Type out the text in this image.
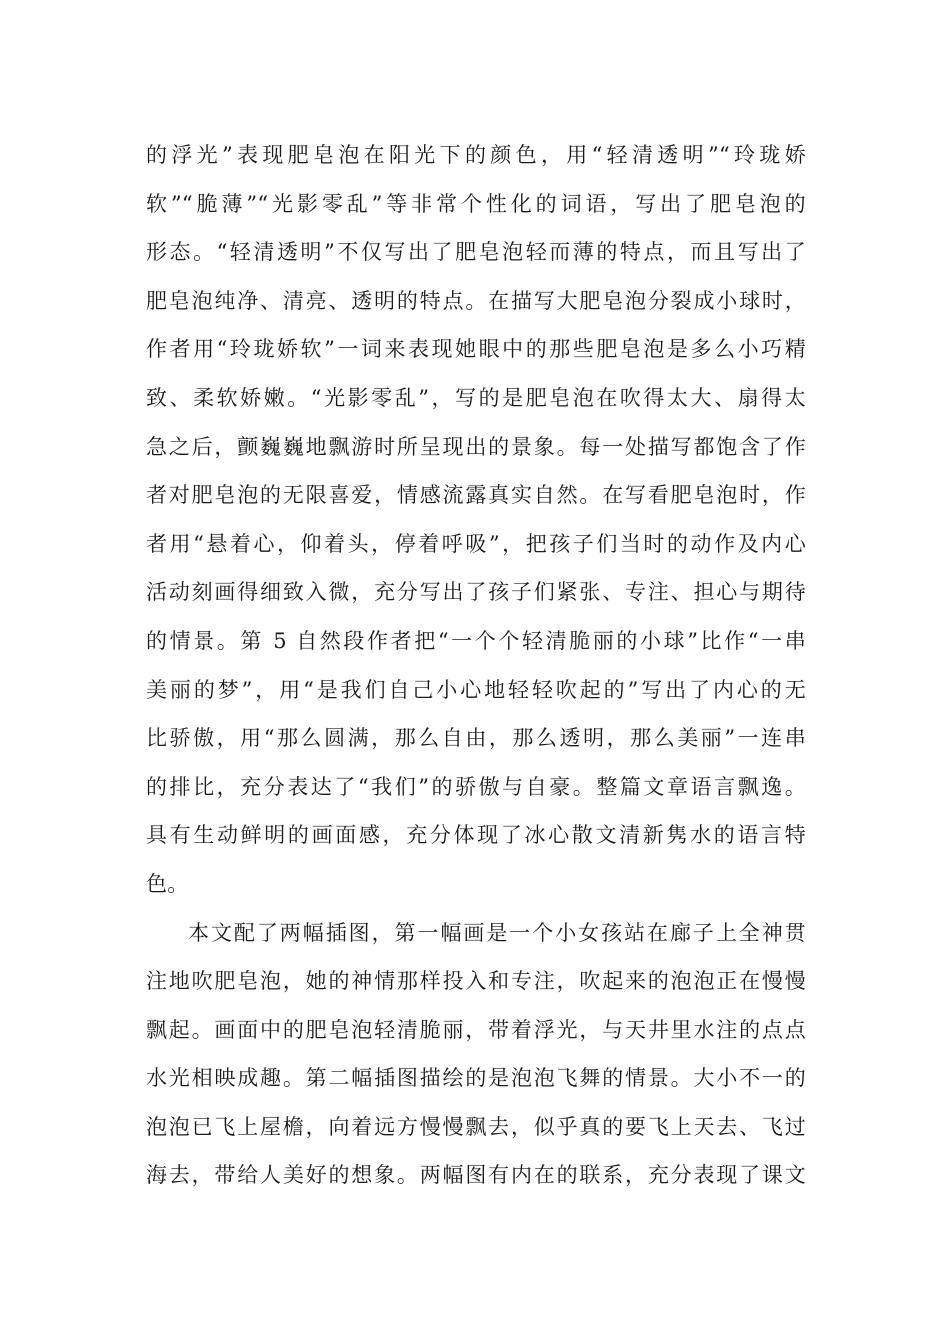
的浮光”表现肥皂泡在阳光下的颜色，用“轻清透明”“玲珑娇
软”“脆薄”“光影零乱”等非常个性化的词语，写出了肥皂泡的
形态。“轻清透明”不仅写出了肥皂泡轻而薄的特点，而且写出了
肥皂泡纯净、清亮、透明的特点。在描写大肥皂泡分裂成小球时，
作者用“玲珑娇软”一词来表现她眼中的那些肥皂泡是多么小巧精
致、柔软娇嫩。“光影零乱”，写的是肥皂泡在吹得太大、扇得太
急之后，颤巍巍地飘游时所呈现出的景象。每一处描写都饱含了作
者对肥皂泡的无限喜爱，情感流露真实自然。在写看肥皂泡时，作
者用“悬着心，仰着头，停着呼吸”，把孩子们当时的动作及内心
活动刻画得细致入微，充分写出了孩子们紧张、专注、担心与期待
的情景。第 5 自然段作者把“一个个轻清脆丽的小球”比作“一串
美丽的梦”，用“是我们自己小心地轻轻吹起的”写出了内心的无
比骄傲，用“那么圆满，那么自由，那么透明，那么美丽”一连串
的排比，充分表达了“我们”的骄傲与自豪。整篇文章语言飘逸。
具有生动鲜明的画面感，充分体现了冰心散文清新隽水的语言特
色。
本文配了两幅插图，第一幅画是一个小女孩站在廊子上全神贯
注地吹肥皂泡，她的神情那样投入和专注，吹起来的泡泡正在慢慢
飘起。画面中的肥皂泡轻清脆丽，带着浮光，与天井里水注的点点
水光相映成趣。第二幅插图描绘的是泡泡飞舞的情景。大小不一的
泡泡已飞上屋檐，向着远方慢慢飘去，似乎真的要飞上天去、飞过
海去，带给人美好的想象。两幅图有内在的联系，充分表现了课文
